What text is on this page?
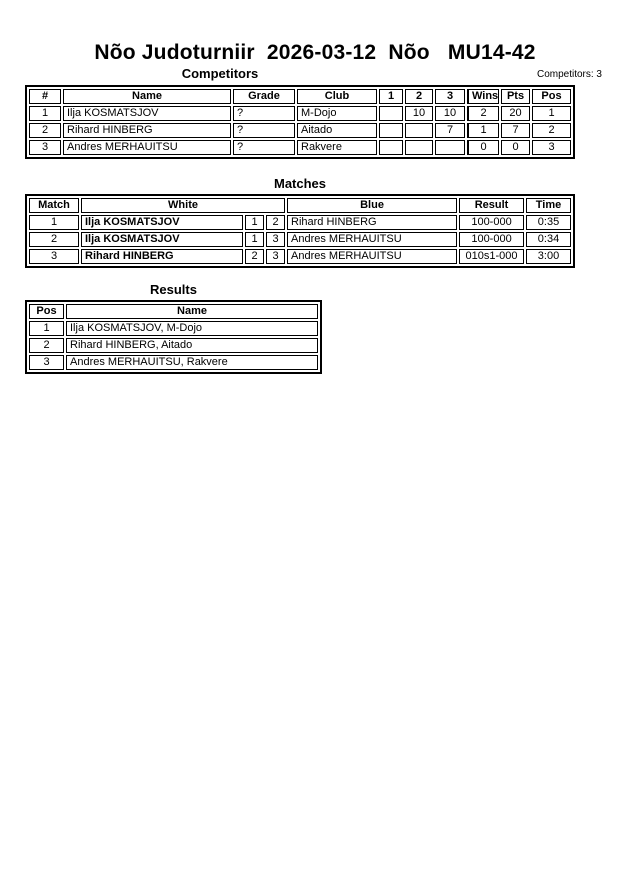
Nõo Judoturniir  2026-03-12  Nõo   MU14-42
Competitors	Competitors: 3
#	Name	Grade	Club	1	2	3	Wins	Pts	Pos
1	Ilja KOSMATSJOV	?	M-Dojo		10	10	2	20	1
2	Rihard HINBERG	?	Aitado			7	1	7	2
3	Andres MERHAUITSU	?	Rakvere				0	0	3
Matches
Match	White			Blue	Result	Time
1	Ilja KOSMATSJOV	1	2	Rihard HINBERG	100-000	0:35
2	Ilja KOSMATSJOV	1	3	Andres MERHAUITSU	100-000	0:34
3	Rihard HINBERG	2	3	Andres MERHAUITSU	010s1-000	3:00
Results
Pos	Name
1	Ilja KOSMATSJOV, M-Dojo
2	Rihard HINBERG, Aitado
3	Andres MERHAUITSU, Rakvere
